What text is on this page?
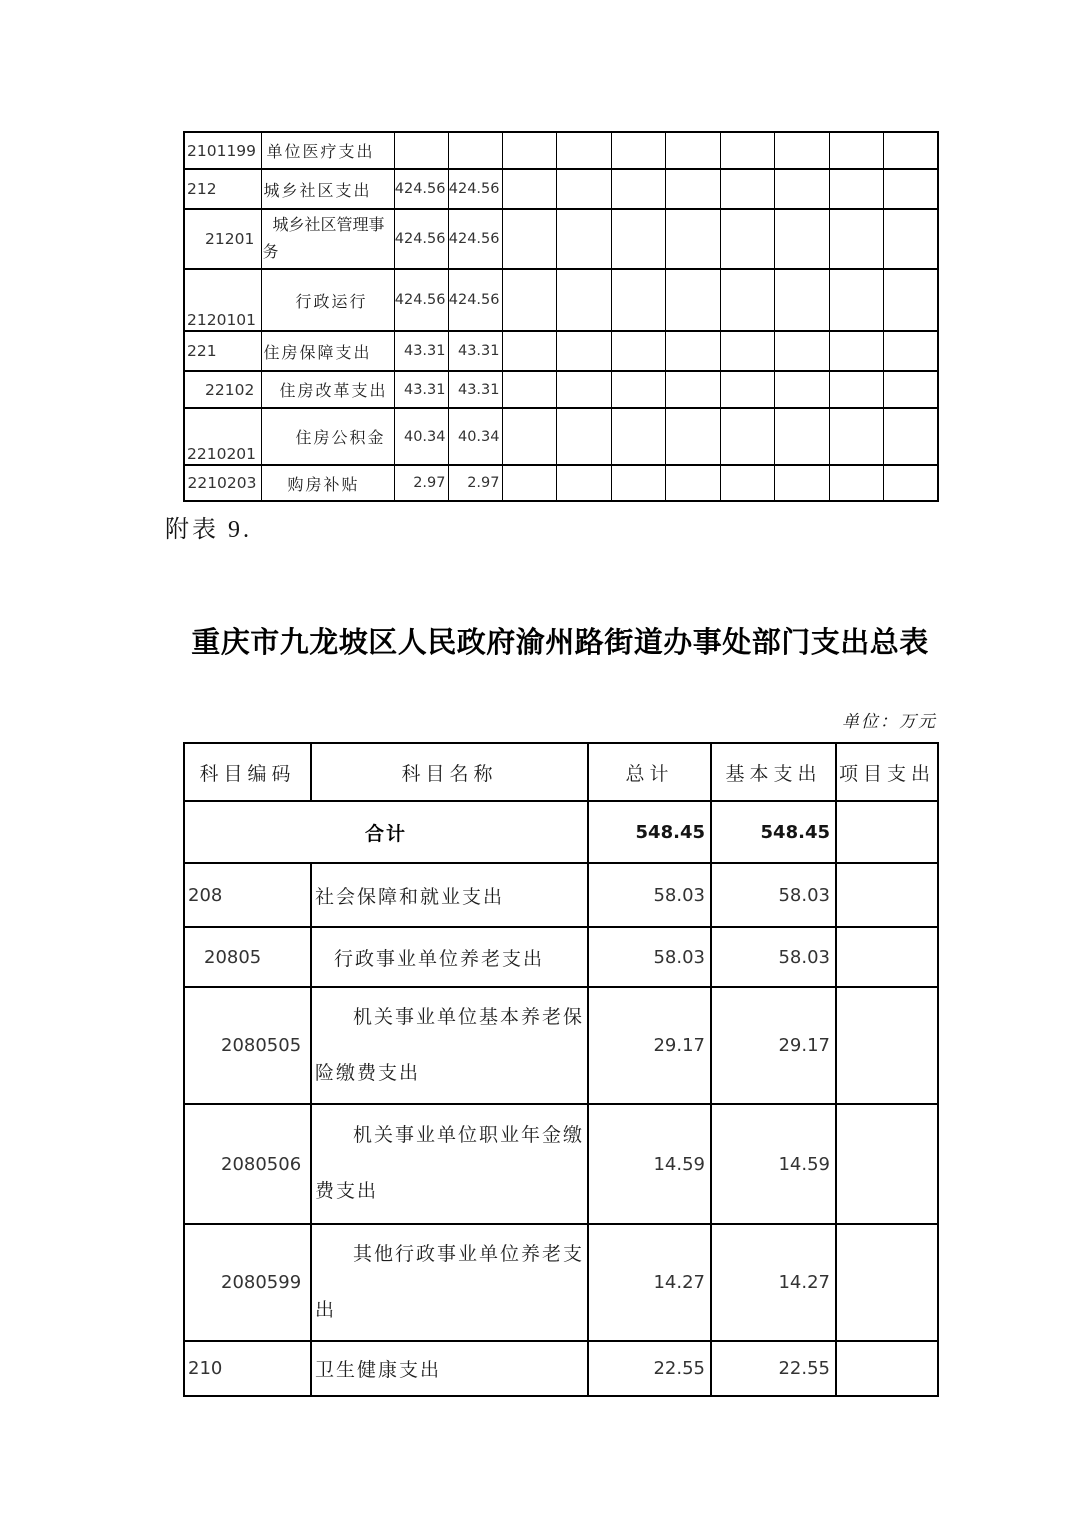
2101199	单位医疗支出										
212	城乡社区支出	424.56	424.56								
21201	城乡社区管理事务	424.56	424.56								
2120101	行政运行	424.56	424.56								
221	住房保障支出	43.31	43.31								
22102	住房改革支出	43.31	43.31								
2210201	住房公积金	40.34	40.34								
2210203	购房补贴	2.97	2.97								
附表 9.
重庆市九龙坡区人民政府渝州路街道办事处部门支出总表
单位：万元
科目编码	科目名称	总计	基本支出	项目支出
合计		548.45	548.45	
208	社会保障和就业支出	58.03	58.03	
20805	行政事业单位养老支出	58.03	58.03	
2080505	机关事业单位基本养老保险缴费支出	29.17	29.17	
2080506	机关事业单位职业年金缴费支出	14.59	14.59	
2080599	其他行政事业单位养老支出	14.27	14.27	
210	卫生健康支出	22.55	22.55	
